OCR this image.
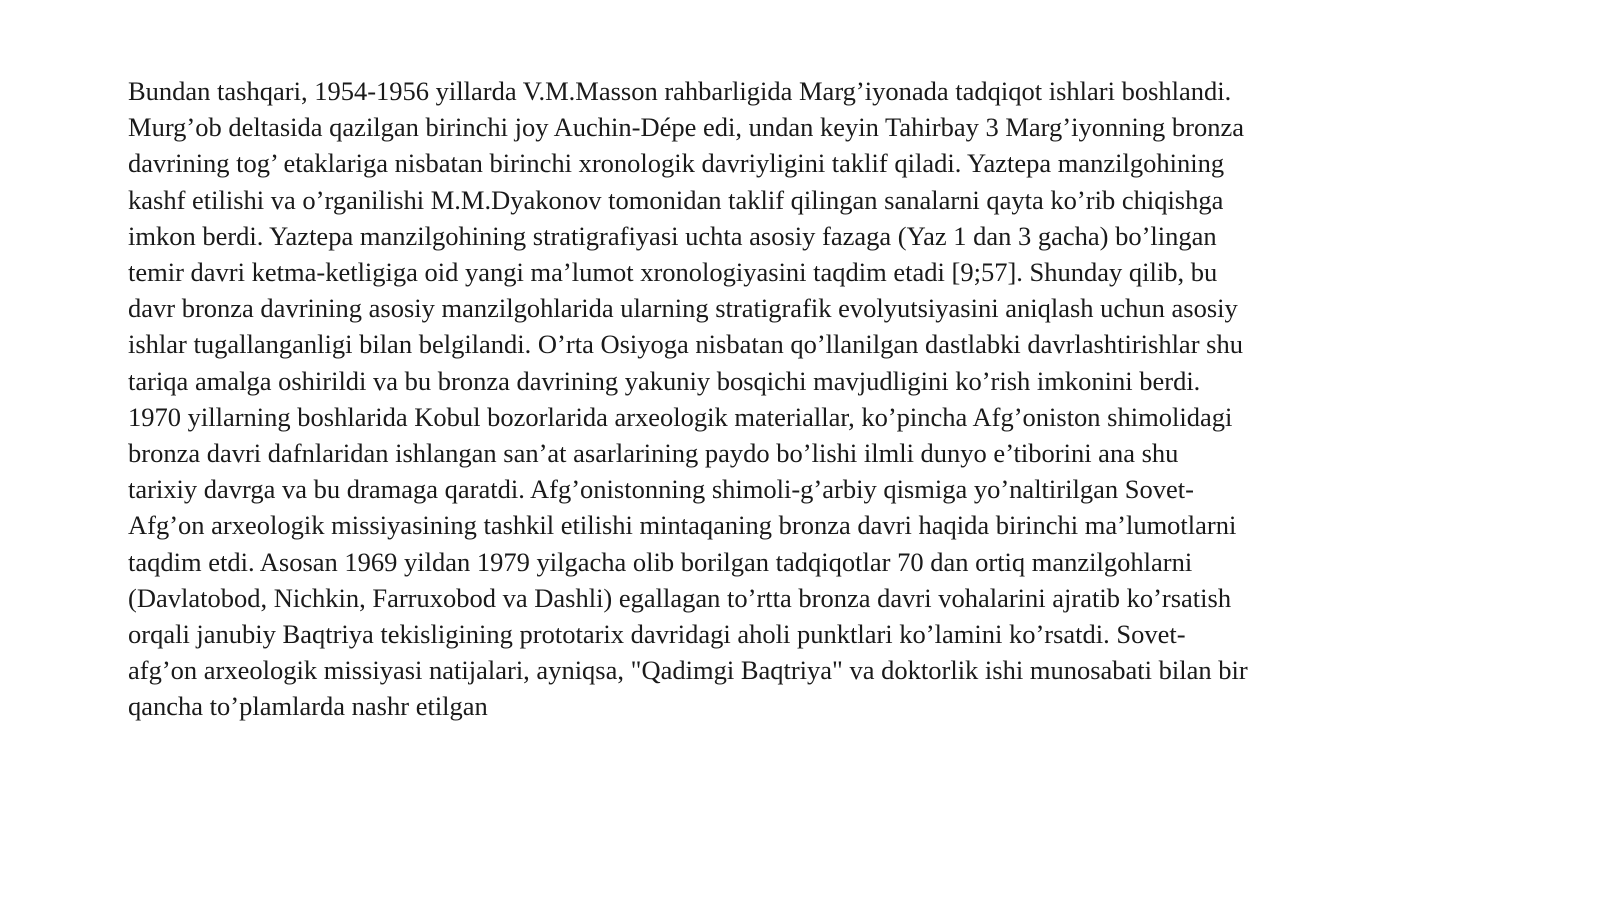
Bundan tashqari, 1954-1956 yillarda V.M.Masson rahbarligida Marg’iyonada tadqiqot ishlari boshlandi.
Murg’ob deltasida qazilgan birinchi joy Auchin-Dépe edi, undan keyin Tahirbay 3 Marg’iyonning bronza
davrining tog’ etaklariga nisbatan birinchi xronologik davriyligini taklif qiladi. Yaztepa manzilgohining
kashf etilishi va o’rganilishi M.M.Dyakonov tomonidan taklif qilingan sanalarni qayta ko’rib chiqishga
imkon berdi. Yaztepa manzilgohining stratigrafiyasi uchta asosiy fazaga (Yaz 1 dan 3 gacha) bo’lingan
temir davri ketma-ketligiga oid yangi ma’lumot xronologiyasini taqdim etadi [9;57]. Shunday qilib, bu
davr bronza davrining asosiy manzilgohlarida ularning stratigrafik evolyutsiyasini aniqlash uchun asosiy
ishlar tugallanganligi bilan belgilandi. O’rta Osiyoga nisbatan qo’llanilgan dastlabki davrlashtirishlar shu
tariqa amalga oshirildi va bu bronza davrining yakuniy bosqichi mavjudligini ko’rish imkonini berdi.
1970 yillarning boshlarida Kobul bozorlarida arxeologik materiallar, ko’pincha Afg’oniston shimolidagi
bronza davri dafnlaridan ishlangan san’at asarlarining paydo bo’lishi ilmli dunyo e’tiborini ana shu
tarixiy davrga va bu dramaga qaratdi. Afg’onistonning shimoli-g’arbiy qismiga yo’naltirilgan Sovet-
Afg’on arxeologik missiyasining tashkil etilishi mintaqaning bronza davri haqida birinchi ma’lumotlarni
taqdim etdi. Asosan 1969 yildan 1979 yilgacha olib borilgan tadqiqotlar 70 dan ortiq manzilgohlarni
(Davlatobod, Nichkin, Farruxobod va Dashli) egallagan to’rtta bronza davri vohalarini ajratib ko’rsatish
orqali janubiy Baqtriya tekisligining prototarix davridagi aholi punktlari ko’lamini ko’rsatdi. Sovet-
afg’on arxeologik missiyasi natijalari, ayniqsa, "Qadimgi Baqtriya" va doktorlik ishi munosabati bilan bir
qancha to’plamlarda nashr etilgan
